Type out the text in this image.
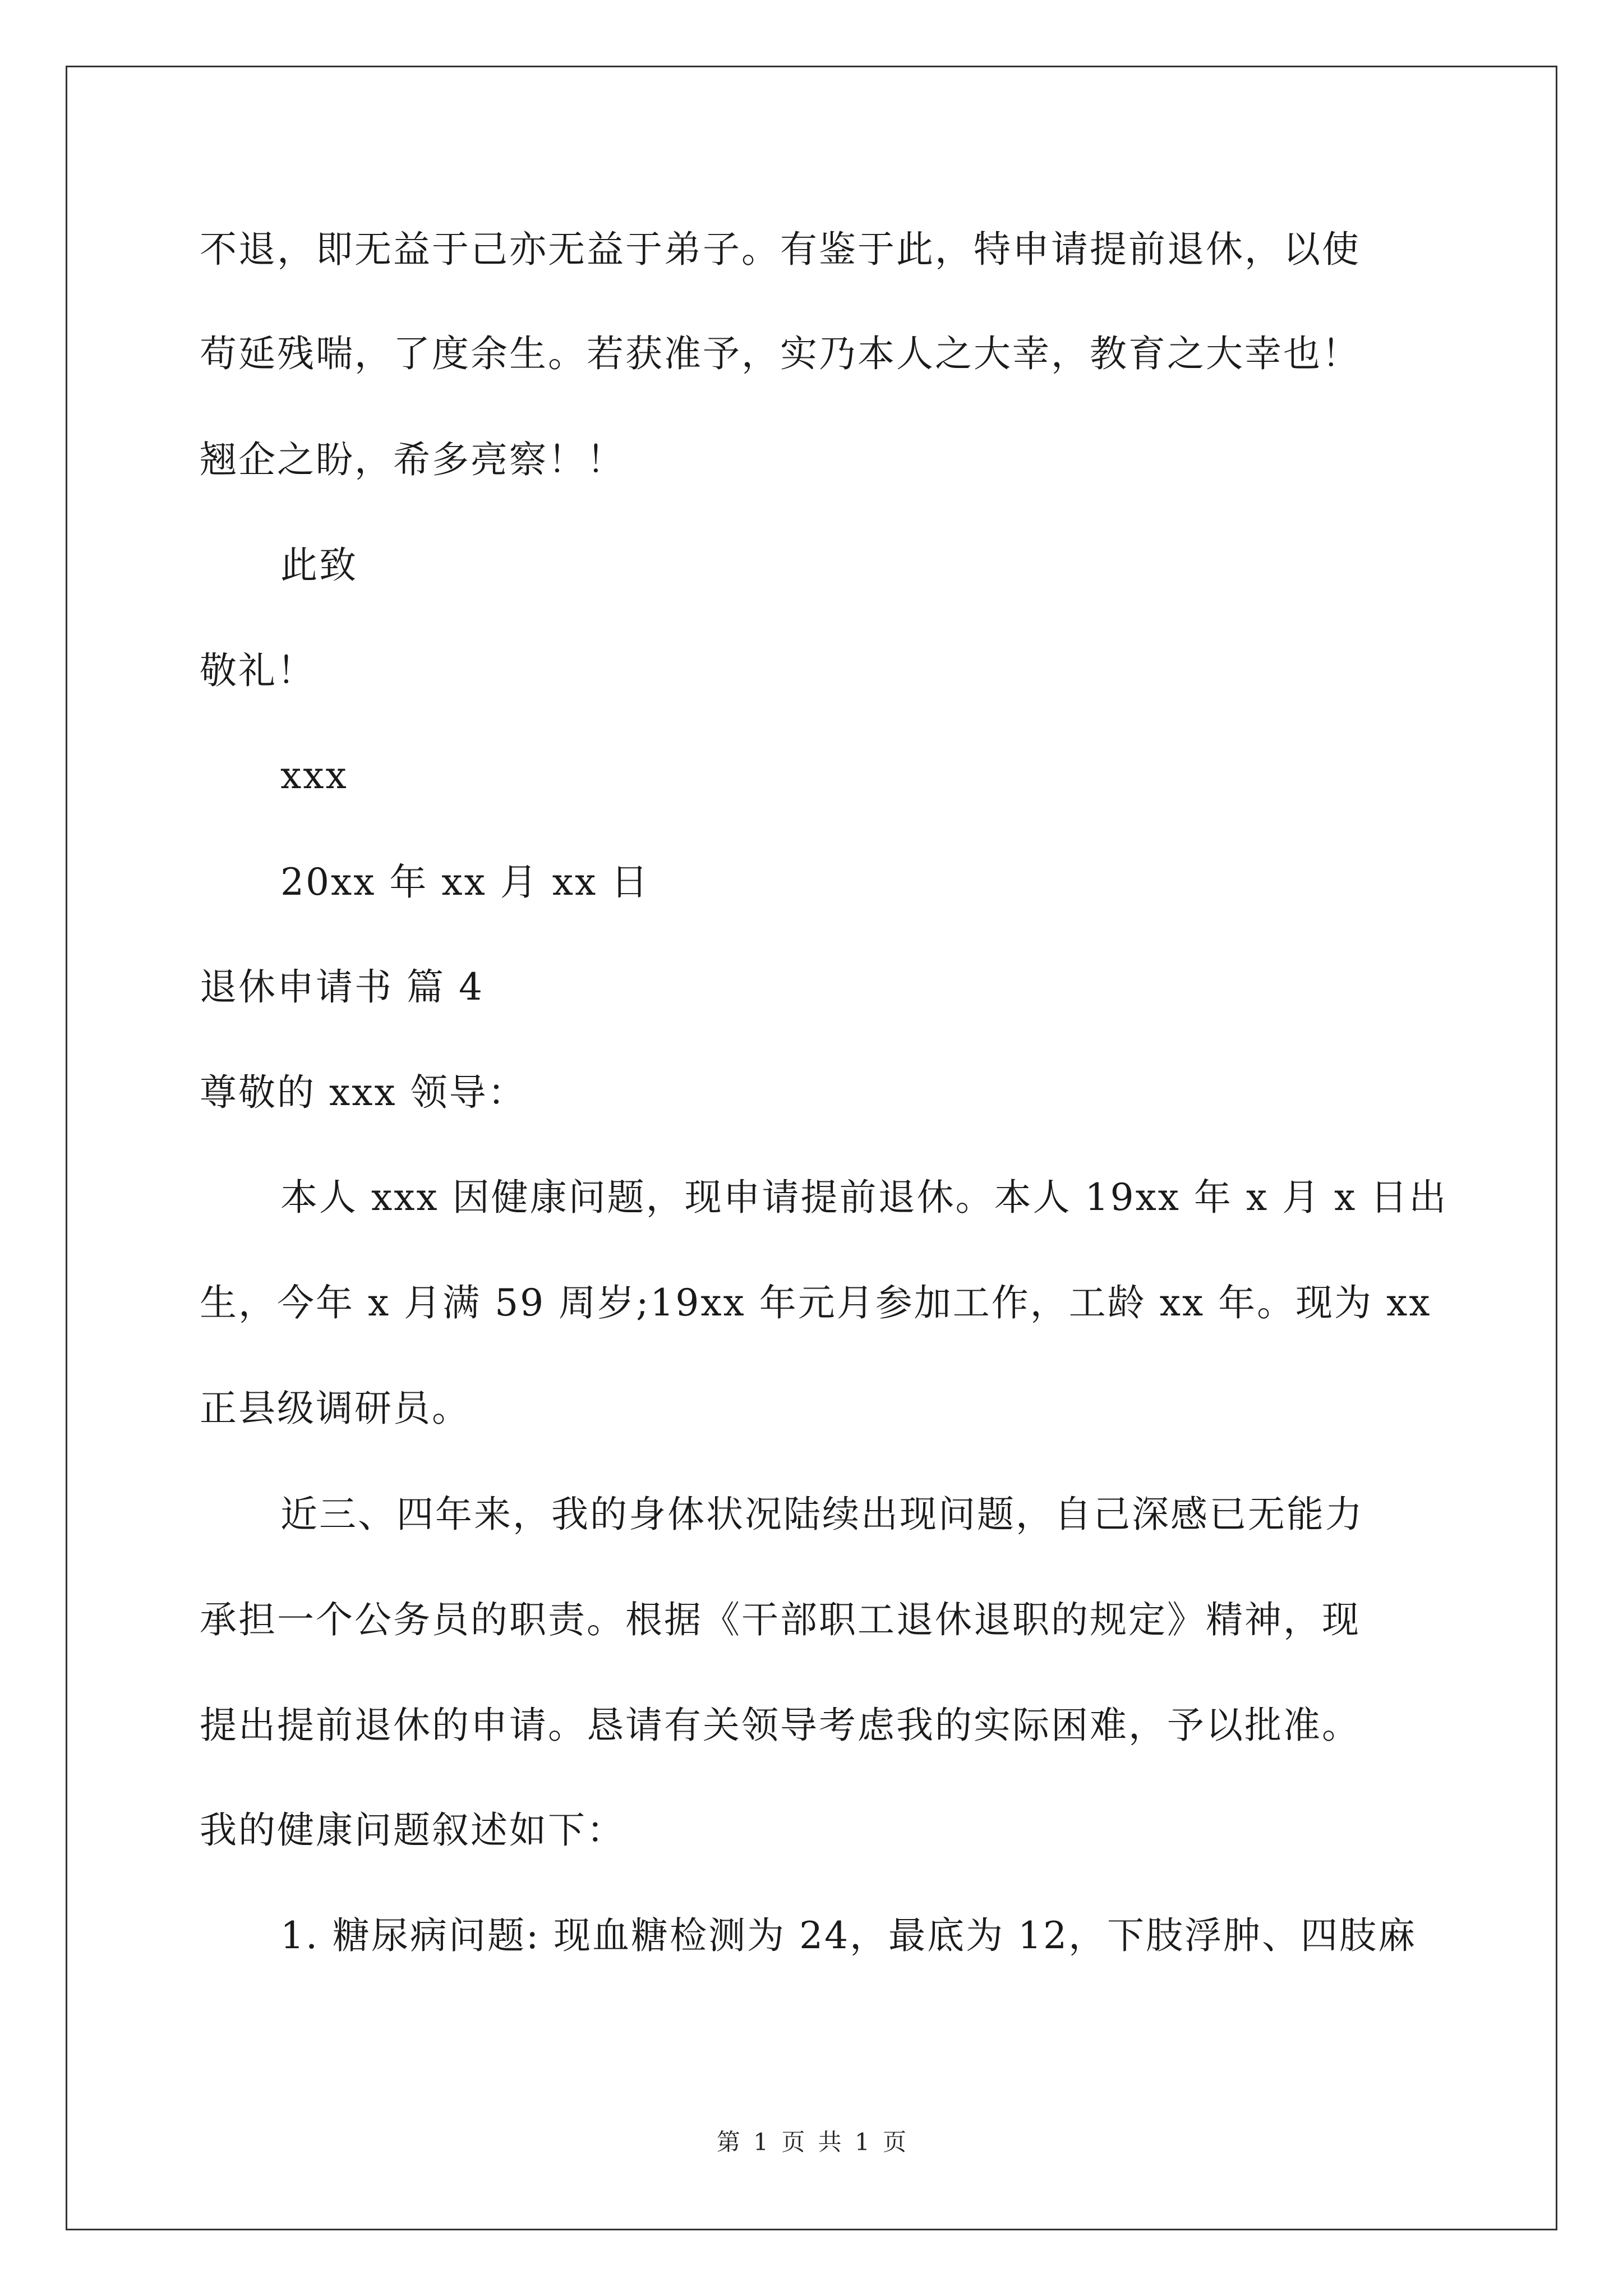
不退，即无益于己亦无益于弟子。有鉴于此，特申请提前退休，以使

苟延残喘，了度余生。若获准予，实乃本人之大幸，教育之大幸也！

翘企之盼，希多亮察！！

此致

敬礼！

xxx

20xx 年 xx 月 xx 日

退休申请书 篇 4

尊敬的 xxx 领导：

本人 xxx 因健康问题，现申请提前退休。本人 19xx 年 x 月 x 日出

生，今年 x 月满 59 周岁;19xx 年元月参加工作，工龄 xx 年。现为 xx

正县级调研员。

近三、四年来，我的身体状况陆续出现问题，自己深感已无能力

承担一个公务员的职责。根据《干部职工退休退职的规定》精神，现

提出提前退休的申请。恳请有关领导考虑我的实际困难，予以批准。

我的健康问题叙述如下：

1. 糖尿病问题: 现血糖检测为 24，最底为 12，下肢浮肿、四肢麻

第 1 页 共 1 页
